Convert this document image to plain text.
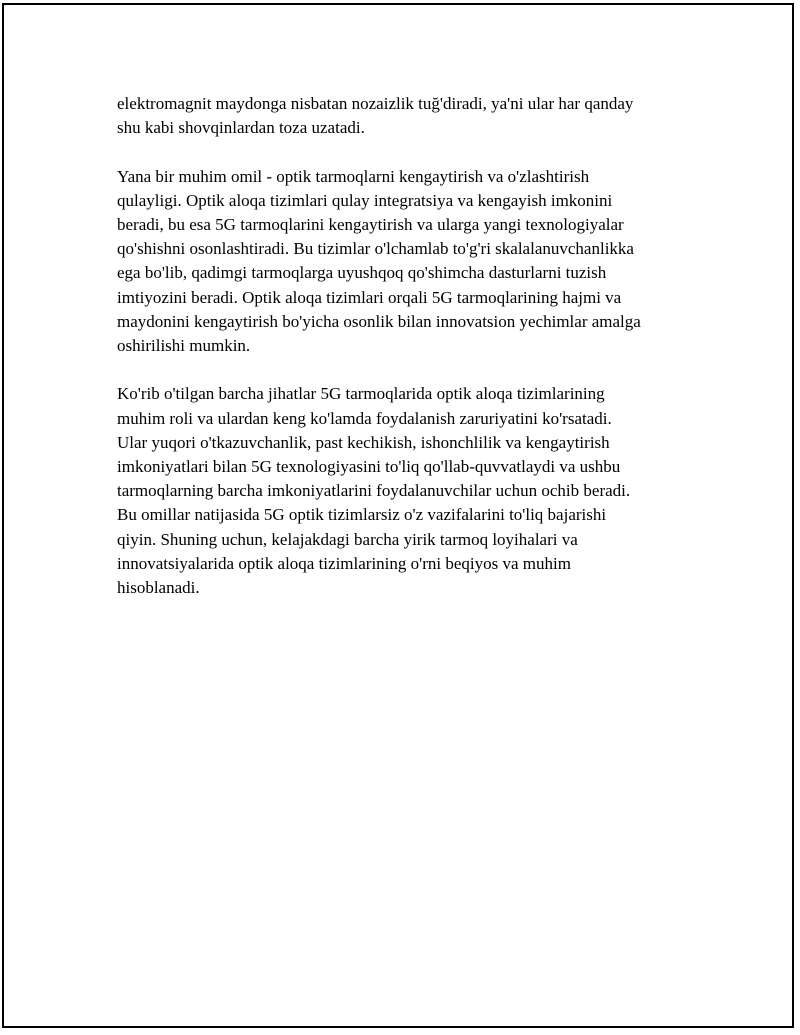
elektromagnit maydonga nisbatan nozaizlik tuğ'diradi, ya'ni ular har qanday
shu kabi shovqinlardan toza uzatadi.

Yana bir muhim omil - optik tarmoqlarni kengaytirish va o'zlashtirish
qulayligi. Optik aloqa tizimlari qulay integratsiya va kengayish imkonini
beradi, bu esa 5G tarmoqlarini kengaytirish va ularga yangi texnologiyalar
qo'shishni osonlashtiradi. Bu tizimlar o'lchamlab to'g'ri skalalanuvchanlikka
ega bo'lib, qadimgi tarmoqlarga uyushqoq qo'shimcha dasturlarni tuzish
imtiyozini beradi. Optik aloqa tizimlari orqali 5G tarmoqlarining hajmi va
maydonini kengaytirish bo'yicha osonlik bilan innovatsion yechimlar amalga
oshirilishi mumkin.

Ko'rib o'tilgan barcha jihatlar 5G tarmoqlarida optik aloqa tizimlarining
muhim roli va ulardan keng ko'lamda foydalanish zaruriyatini ko'rsatadi.
Ular yuqori o'tkazuvchanlik, past kechikish, ishonchlilik va kengaytirish
imkoniyatlari bilan 5G texnologiyasini to'liq qo'llab-quvvatlaydi va ushbu
tarmoqlarning barcha imkoniyatlarini foydalanuvchilar uchun ochib beradi.
Bu omillar natijasida 5G optik tizimlarsiz o'z vazifalarini to'liq bajarishi
qiyin. Shuning uchun, kelajakdagi barcha yirik tarmoq loyihalari va
innovatsiyalarida optik aloqa tizimlarining o'rni beqiyos va muhim
hisoblanadi.
